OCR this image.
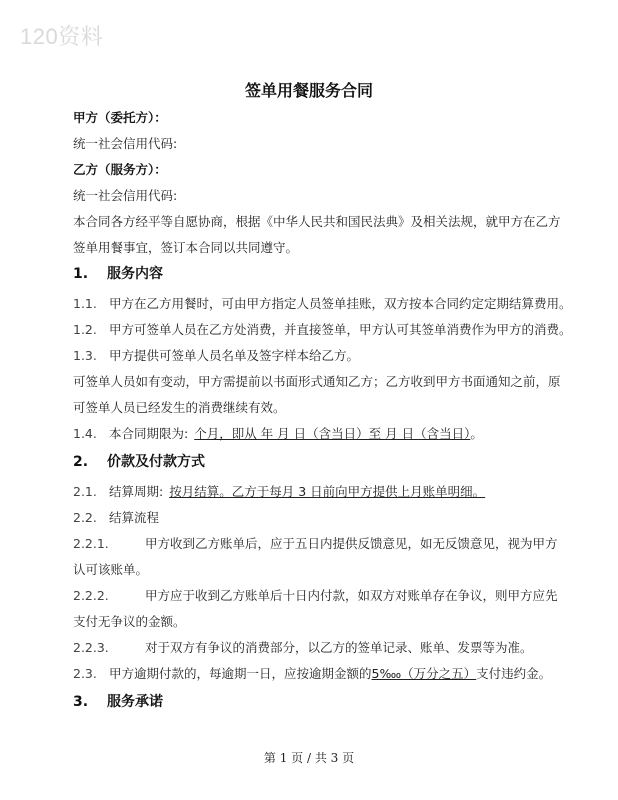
120资料
签单用餐服务合同
甲方（委托方）：
统一社会信用代码:
乙方（服务方）：
统一社会信用代码:
本合同各方经平等自愿协商，根据《中华人民共和国民法典》及相关法规，就甲方在乙方
签单用餐事宜，签订本合同以共同遵守。
1. 服务内容
1.1. 甲方在乙方用餐时，可由甲方指定人员签单挂账，双方按本合同约定定期结算费用。
1.2. 甲方可签单人员在乙方处消费，并直接签单，甲方认可其签单消费作为甲方的消费。
1.3. 甲方提供可签单人员名单及签字样本给乙方。
可签单人员如有变动，甲方需提前以书面形式通知乙方；乙方收到甲方书面通知之前，原
可签单人员已经发生的消费继续有效。
1.4. 本合同期限为: 个月，即从 年 月 日（含当日）至 月 日（含当日）。
2. 价款及付款方式
2.1. 结算周期: 按月结算。乙方于每月 3 日前向甲方提供上月账单明细。
2.2. 结算流程
2.2.1.	甲方收到乙方账单后，应于五日内提供反馈意见，如无反馈意见，视为甲方
认可该账单。
2.2.2.	甲方应于收到乙方账单后十日内付款，如双方对账单存在争议，则甲方应先
支付无争议的金额。
2.2.3.	对于双方有争议的消费部分，以乙方的签单记录、账单、发票等为准。
2.3. 甲方逾期付款的，每逾期一日，应按逾期金额的5‱（万分之五）支付违约金。
3. 服务承诺
第 1 页 / 共 3 页
